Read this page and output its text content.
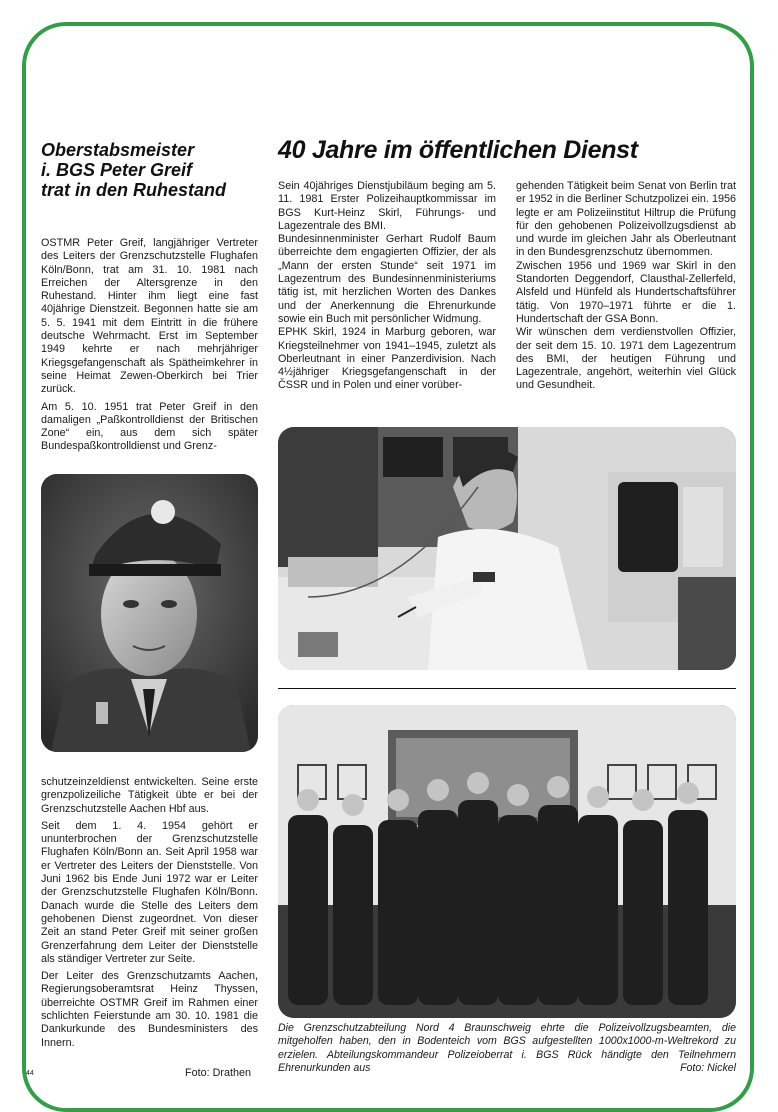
Oberstabsmeister
i. BGS Peter Greif
trat in den Ruhestand

OSTMR Peter Greif, langjähriger Vertreter des Leiters der Grenzschutzstelle Flughafen Köln/Bonn, trat am 31. 10. 1981 nach Erreichen der Altersgrenze in den Ruhestand. Hinter ihm liegt eine fast 40jährige Dienstzeit. Begonnen hatte sie am 5. 5. 1941 mit dem Eintritt in die frühere deutsche Wehrmacht. Erst im September 1949 kehrte er nach mehrjähriger Kriegsgefangenschaft als Spätheimkehrer in seine Heimat Zewen-Oberkirch bei Trier zurück.

Am 5. 10. 1951 trat Peter Greif in den damaligen „Paßkontrolldienst der Britischen Zone“ ein, aus dem sich später Bundespaßkontrolldienst und Grenz-

schutzeinzeldienst entwickelten. Seine erste grenzpolizeiliche Tätigkeit übte er bei der Grenzschutzstelle Aachen Hbf aus.

Seit dem 1. 4. 1954 gehört er ununterbrochen der Grenzschutzstelle Flughafen Köln/Bonn an. Seit April 1958 war er Vertreter des Leiters der Dienststelle. Von Juni 1962 bis Ende Juni 1972 war er Leiter der Grenzschutzstelle Flughafen Köln/Bonn. Danach wurde die Stelle des Leiters dem gehobenen Dienst zugeordnet. Von dieser Zeit an stand Peter Greif mit seiner großen Grenzerfahrung dem Leiter der Dienststelle als ständiger Vertreter zur Seite.

Der Leiter des Grenzschutzamts Aachen, Regierungsoberamtsrat Heinz Thyssen, überreichte OSTMR Greif im Rahmen einer schlichten Feierstunde am 30. 10. 1981 die Dankurkunde des Bundesministers des Innern.

Foto: Drathen
40 Jahre im öffentlichen Dienst

Sein 40jähriges Dienstjubiläum beging am 5. 11. 1981 Erster Polizeihauptkommissar im BGS Kurt-Heinz Skirl, Führungs- und Lagezentrale des BMI.

Bundesinnenminister Gerhart Rudolf Baum überreichte dem engagierten Offizier, der als „Mann der ersten Stunde“ seit 1971 im Lagezentrum des Bundesinnenministeriums tätig ist, mit herzlichen Worten des Dankes und der Anerkennung die Ehrenurkunde sowie ein Buch mit persönlicher Widmung.

EPHK Skirl, 1924 in Marburg geboren, war Kriegsteilnehmer von 1941–1945, zuletzt als Oberleutnant in einer Panzerdivision. Nach 4½jähriger Kriegsgefangenschaft in der ČSSR und in Polen und einer vorüber-

gehenden Tätigkeit beim Senat von Berlin trat er 1952 in die Berliner Schutzpolizei ein. 1956 legte er am Polizeiinstitut Hiltrup die Prüfung für den gehobenen Polizeivollzugsdienst ab und wurde im gleichen Jahr als Oberleutnant in den Bundesgrenzschutz übernommen.

Zwischen 1956 und 1969 war Skirl in den Standorten Deggendorf, Clausthal-Zellerfeld, Alsfeld und Hünfeld als Hundertschaftsführer tätig. Von 1970–1971 führte er die 1. Hundertschaft der GSA Bonn.

Wir wünschen dem verdienstvollen Offizier, der seit dem 15. 10. 1971 dem Lagezentrum des BMI, der heutigen Führung und Lagezentrale, angehört, weiterhin viel Glück und Gesundheit.

Die Grenzschutzabteilung Nord 4 Braunschweig ehrte die Polizeivollzugsbeamten, die mitgeholfen haben, den in Bodenteich vom BGS aufgestellten 1000x1000-m-Weltrekord zu erzielen. Abteilungskommandeur Polizeioberrat i. BGS Rück händigte den Teilnehmern Ehrenurkunden aus	Foto: Nickel
44
